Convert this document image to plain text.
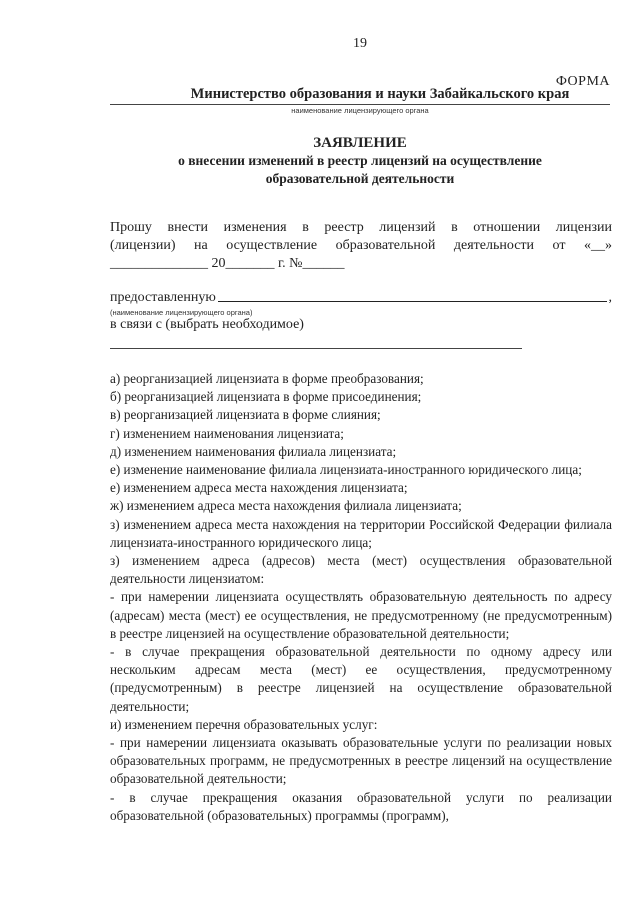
19
ФОРМА
Министерство образования и науки Забайкальского края
наименование лицензирующего органа
ЗАЯВЛЕНИЕ
о внесении изменений в реестр лицензий на осуществление
образовательной деятельности
Прошу внести изменения в реестр лицензий в отношении лицензии
(лицензии) на осуществление образовательной деятельности от «__»
______________ 20_______ г. №______
предоставленную	,
(наименование лицензирующего органа)
в связи с (выбрать необходимое)
а) реорганизацией лицензиата в форме преобразования;
б) реорганизацией лицензиата в форме присоединения;
в) реорганизацией лицензиата в форме слияния;
г) изменением наименования лицензиата;
д) изменением наименования филиала лицензиата;
е) изменение наименование филиала лицензиата-иностранного юридического лица;
е) изменением адреса места нахождения лицензиата;
ж) изменением адреса места нахождения филиала лицензиата;
з) изменением адреса места нахождения на территории Российской Федерации филиала лицензиата-иностранного юридического лица;
з) изменением адреса (адресов) места (мест) осуществления образовательной деятельности лицензиатом:
- при намерении лицензиата осуществлять образовательную деятельность по адресу (адресам) места (мест) ее осуществления, не предусмотренному (не предусмотренным) в реестре лицензией на осуществление образовательной деятельности;
- в случае прекращения образовательной деятельности по одному адресу или нескольким адресам места (мест) ее осуществления, предусмотренному (предусмотренным) в реестре лицензией на осуществление образовательной деятельности;
и) изменением перечня образовательных услуг:
- при намерении лицензиата оказывать образовательные услуги по реализации новых образовательных программ, не предусмотренных в реестре лицензий на осуществление образовательной деятельности;
- в случае прекращения оказания образовательной услуги по реализации образовательной (образовательных) программы (программ),
